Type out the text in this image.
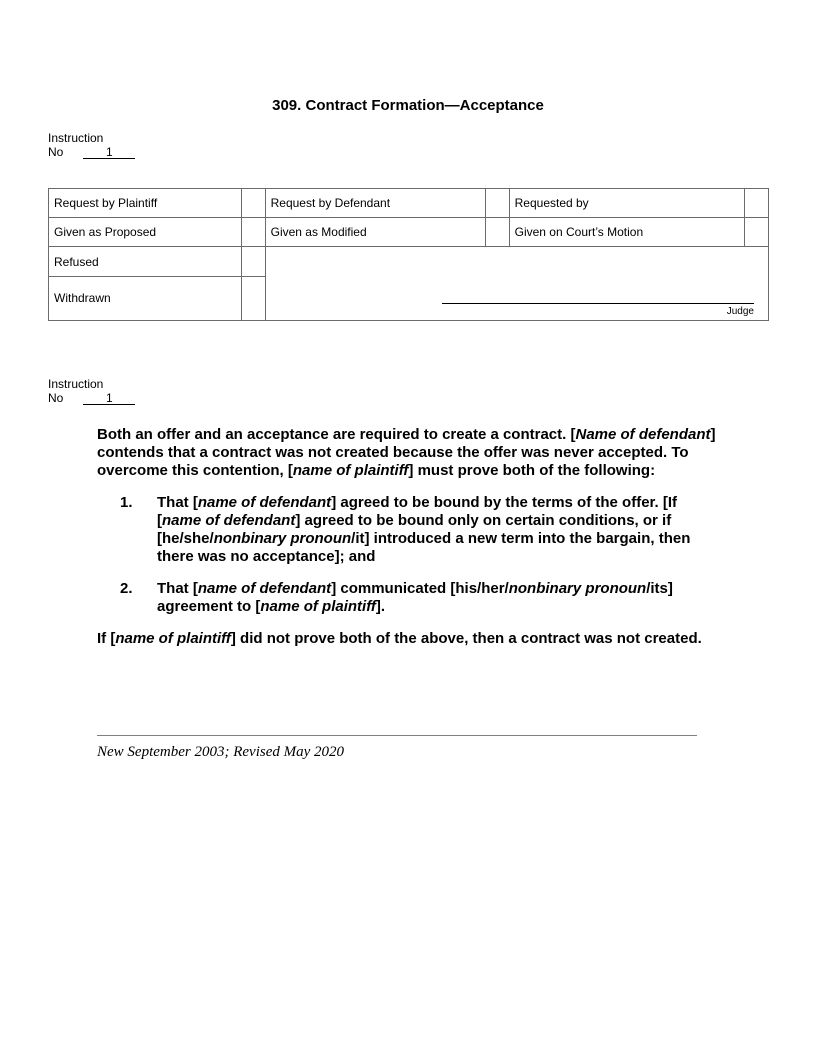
309. Contract Formation—Acceptance
Instruction
No	1
Request by Plaintiff		Request by Defendant		Requested by	
Given as Proposed		Given as Modified		Given on Court’s Motion	
Refused		Judge			

Withdrawn					
Instruction
No	1

Both an offer and an acceptance are required to create a contract. [Name of defendant] contends that a contract was not created because the offer was never accepted. To overcome this contention, [name of plaintiff] must prove both of the following:

1.	That [name of defendant] agreed to be bound by the terms of the offer. [If [name of defendant] agreed to be bound only on certain conditions, or if [he/she/nonbinary pronoun/it] introduced a new term into the bargain, then there was no acceptance]; and
2.	That [name of defendant] communicated [his/her/nonbinary pronoun/its] agreement to [name of plaintiff].

If [name of plaintiff] did not prove both of the above, then a contract was not created.

New September 2003; Revised May 2020
